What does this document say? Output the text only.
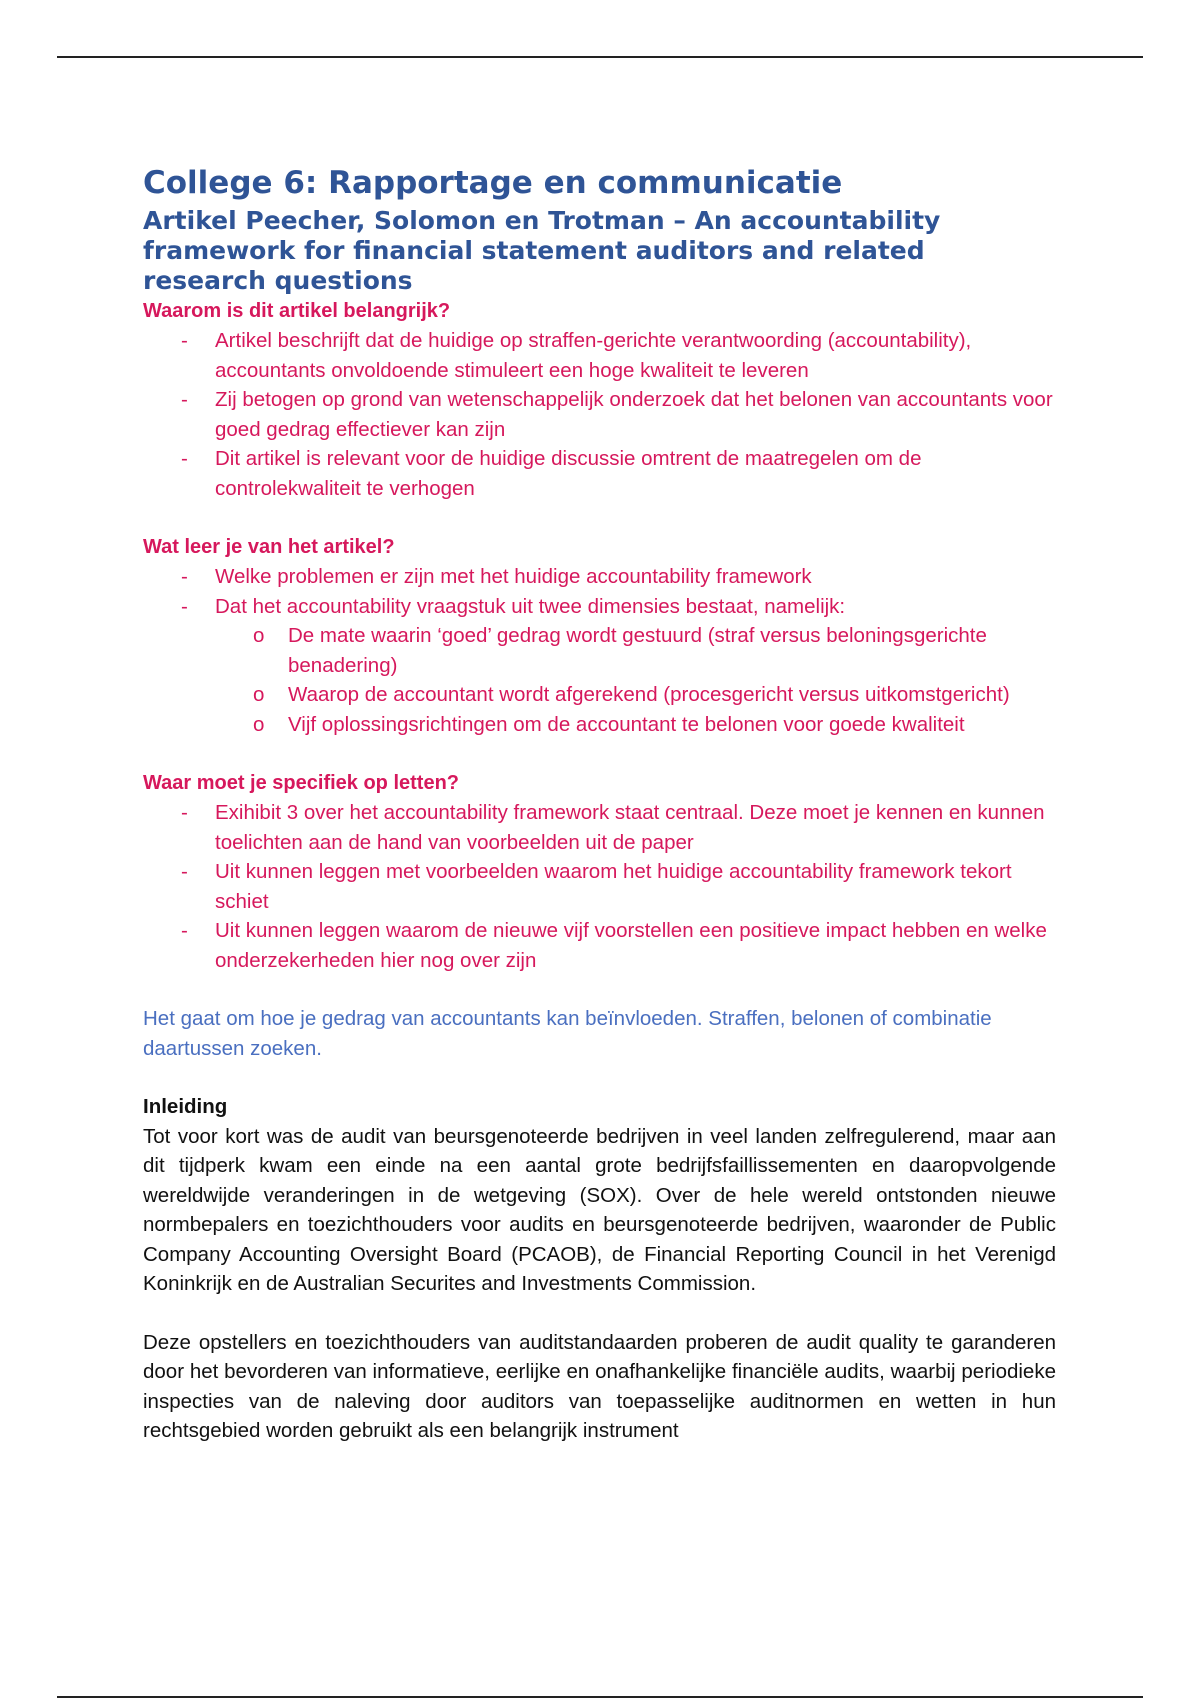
College 6: Rapportage en communicatie
Artikel Peecher, Solomon en Trotman – An accountability framework for financial statement auditors and related research questions
Waarom is dit artikel belangrijk?
- Artikel beschrijft dat de huidige op straffen-gerichte verantwoording (accountability), accountants onvoldoende stimuleert een hoge kwaliteit te leveren
- Zij betogen op grond van wetenschappelijk onderzoek dat het belonen van accountants voor goed gedrag effectiever kan zijn
- Dit artikel is relevant voor de huidige discussie omtrent de maatregelen om de controlekwaliteit te verhogen
Wat leer je van het artikel?
- Welke problemen er zijn met het huidige accountability framework
- Dat het accountability vraagstuk uit twee dimensies bestaat, namelijk:
o De mate waarin ‘goed’ gedrag wordt gestuurd (straf versus beloningsgerichte benadering)
o Waarop de accountant wordt afgerekend (procesgericht versus uitkomstgericht)
o Vijf oplossingsrichtingen om de accountant te belonen voor goede kwaliteit
Waar moet je specifiek op letten?
- Exihibit 3 over het accountability framework staat centraal. Deze moet je kennen en kunnen toelichten aan de hand van voorbeelden uit de paper
- Uit kunnen leggen met voorbeelden waarom het huidige accountability framework tekort schiet
- Uit kunnen leggen waarom de nieuwe vijf voorstellen een positieve impact hebben en welke onderzekerheden hier nog over zijn
Het gaat om hoe je gedrag van accountants kan beïnvloeden. Straffen, belonen of combinatie daartussen zoeken.
Inleiding

Tot voor kort was de audit van beursgenoteerde bedrijven in veel landen zelfregulerend, maar aan dit tijdperk kwam een einde na een aantal grote bedrijfsfaillissementen en daaropvolgende wereldwijde veranderingen in de wetgeving (SOX). Over de hele wereld ontstonden nieuwe normbepalers en toezichthouders voor audits en beursgenoteerde bedrijven, waaronder de Public Company Accounting Oversight Board (PCAOB), de Financial Reporting Council in het Verenigd Koninkrijk en de Australian Securites and Investments Commission.

Deze opstellers en toezichthouders van auditstandaarden proberen de audit quality te garanderen door het bevorderen van informatieve, eerlijke en onafhankelijke financiële audits, waarbij periodieke inspecties van de naleving door auditors van toepasselijke auditnormen en wetten in hun rechtsgebied worden gebruikt als een belangrijk instrument
